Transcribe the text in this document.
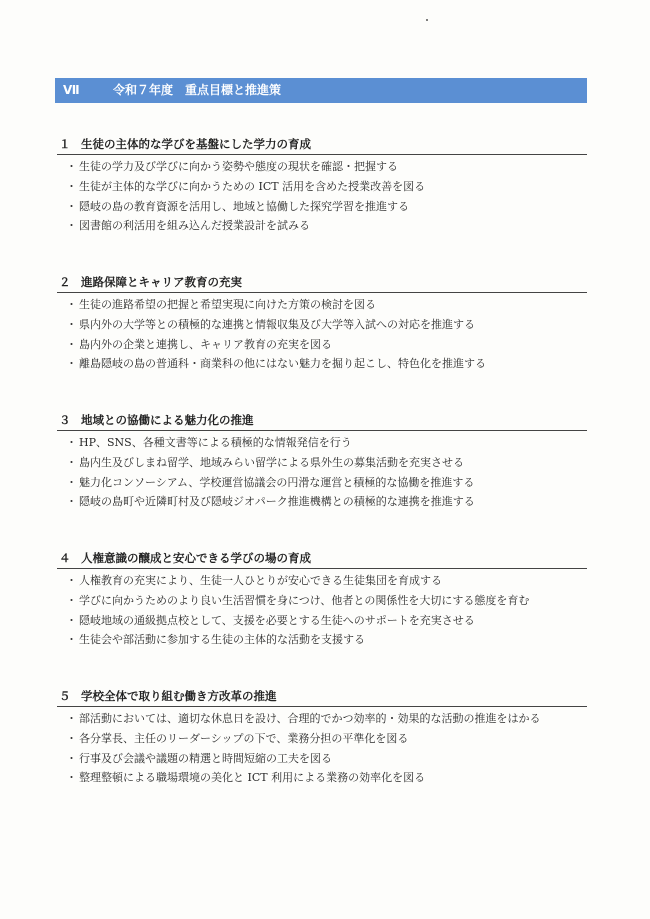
Ⅶ	令和７年度　重点目標と推進策
１ 生徒の主体的な学びを基盤にした学力の育成
・ 生徒の学力及び学びに向かう姿勢や態度の現状を確認・把握する
・ 生徒が主体的な学びに向かうための ICT 活用を含めた授業改善を図る
・ 隠岐の島の教育資源を活用し、地域と協働した探究学習を推進する
・ 図書館の利活用を組み込んだ授業設計を試みる
２ 進路保障とキャリア教育の充実
・ 生徒の進路希望の把握と希望実現に向けた方策の検討を図る
・ 県内外の大学等との積極的な連携と情報収集及び大学等入試への対応を推進する
・ 島内外の企業と連携し、キャリア教育の充実を図る
・ 離島隠岐の島の普通科・商業科の他にはない魅力を掘り起こし、特色化を推進する
３ 地域との協働による魅力化の推進
・ HP、SNS、各種文書等による積極的な情報発信を行う
・ 島内生及びしまね留学、地域みらい留学による県外生の募集活動を充実させる
・ 魅力化コンソーシアム、学校運営協議会の円滑な運営と積極的な協働を推進する
・ 隠岐の島町や近隣町村及び隠岐ジオパーク推進機構との積極的な連携を推進する
４ 人権意識の醸成と安心できる学びの場の育成
・ 人権教育の充実により、生徒一人ひとりが安心できる生徒集団を育成する
・ 学びに向かうためのより良い生活習慣を身につけ、他者との関係性を大切にする態度を育む
・ 隠岐地域の通級拠点校として、支援を必要とする生徒へのサポートを充実させる
・ 生徒会や部活動に参加する生徒の主体的な活動を支援する
５ 学校全体で取り組む働き方改革の推進
・ 部活動においては、適切な休息日を設け、合理的でかつ効率的・効果的な活動の推進をはかる
・ 各分掌長、主任のリーダーシップの下で、業務分担の平準化を図る
・ 行事及び会議や議題の精選と時間短縮の工夫を図る
・ 整理整頓による職場環境の美化と ICT 利用による業務の効率化を図る
